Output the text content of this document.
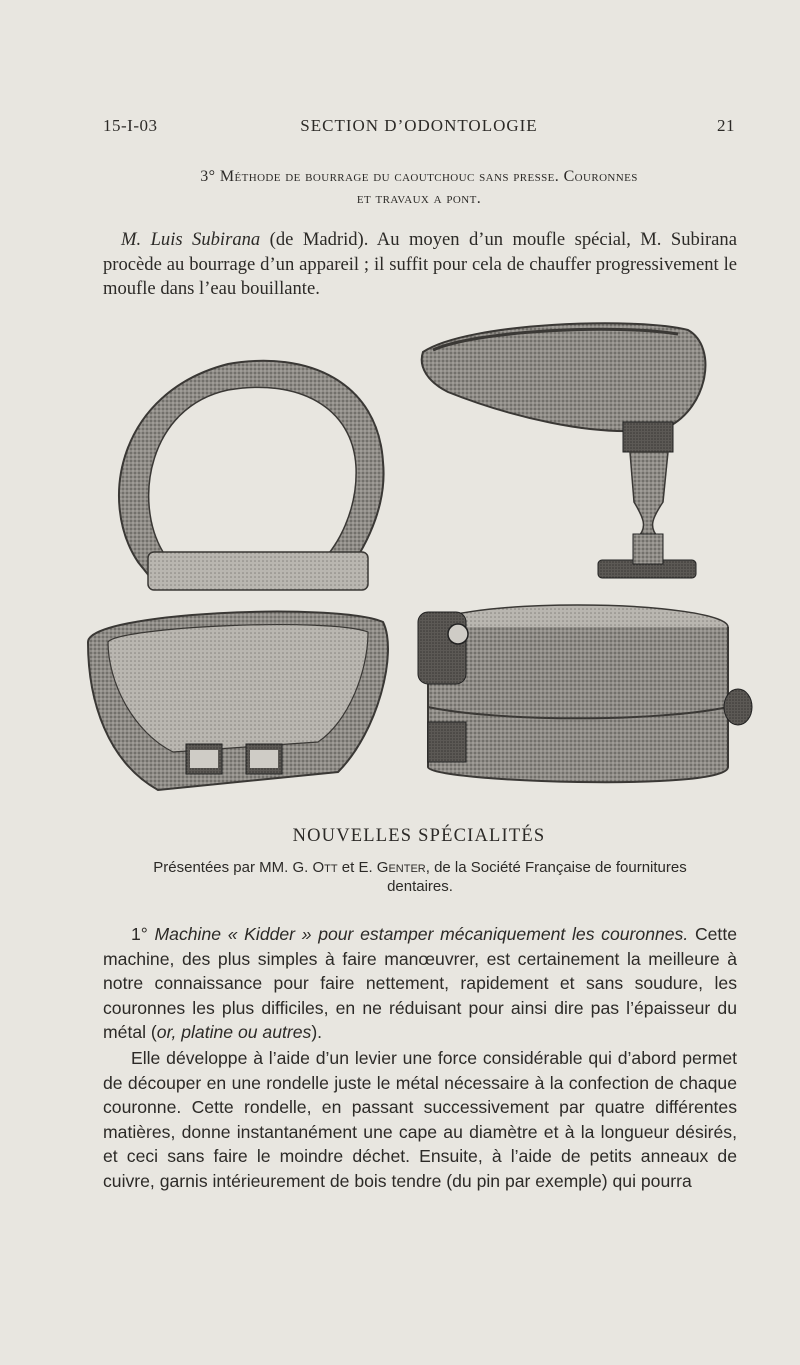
15-I-03	SECTION D’ODONTOLOGIE	21
3° Méthode de bourrage du caoutchouc sans presse. Couronnes
et travaux a pont.
M. Luis Subirana (de Madrid). Au moyen d’un moufle spécial, M. Subirana procède au bourrage d’un appareil ; il suffit pour cela de chauffer progressivement le moufle dans l’eau bouillante.
NOUVELLES SPÉCIALITÉS
Présentées par MM. G. Ott et E. Genter, de la Société Française de fournitures dentaires.
1° Machine « Kidder » pour estamper mécaniquement les couronnes. Cette machine, des plus simples à faire manœuvrer, est certainement la meilleure à notre connaissance pour faire nettement, rapidement et sans soudure, les couronnes les plus difficiles, en ne réduisant pour ainsi dire pas l’épaisseur du métal (or, platine ou autres).
Elle développe à l’aide d’un levier une force considérable qui d’abord permet de découper en une rondelle juste le métal nécessaire à la confection de chaque couronne. Cette rondelle, en passant successivement par quatre différentes matières, donne instantanément une cape au diamètre et à la longueur désirés, et ceci sans faire le moindre déchet. Ensuite, à l’aide de petits anneaux de cuivre, garnis intérieurement de bois tendre (du pin par exemple) qui pourra
